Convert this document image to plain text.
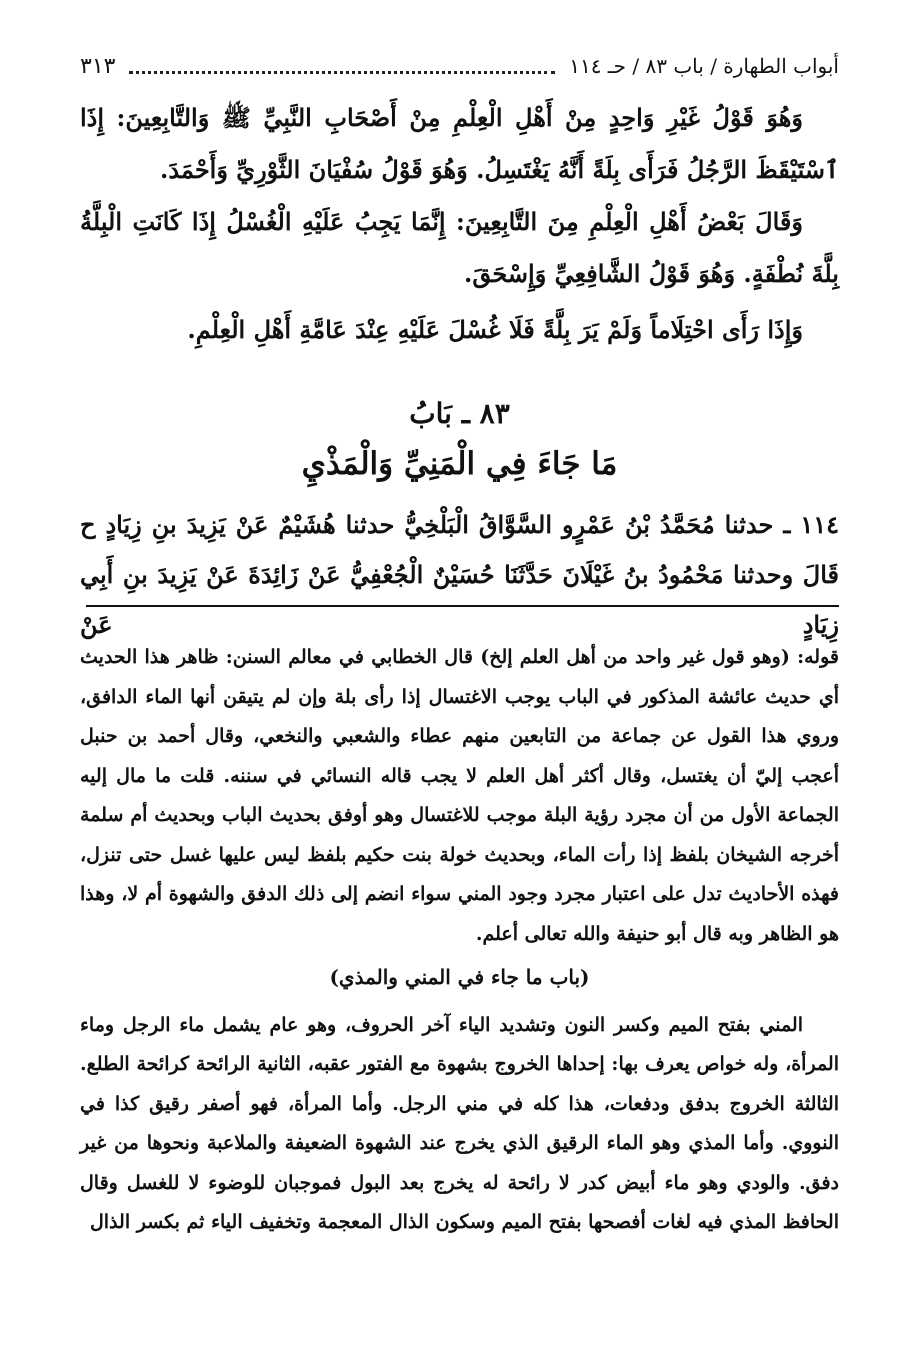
أبواب الطهارة / باب ٨٣ / حـ ١١٤
٣١٣

وَهُوَ قَوْلُ غَيْرِ وَاحِدٍ مِنْ أَهْلِ الْعِلْمِ مِنْ أَصْحَابِ النَّبِيِّ ﷺ وَالتَّابِعِينَ: إِذَا ٱسْتَيْقَظَ الرَّجُلُ فَرَأَى بِلَةً أَنَّهُ يَغْتَسِلُ. وَهُوَ قَوْلُ سُفْيَانَ الثَّوْرِيِّ وَأَحْمَدَ.

وَقَالَ بَعْضُ أَهْلِ الْعِلْمِ مِنَ التَّابِعِينَ: إِنَّمَا يَجِبُ عَلَيْهِ الْغُسْلُ إِذَا كَانَتِ الْبِلَّةُ بِلَّةَ نُطْفَةٍ. وَهُوَ قَوْلُ الشَّافِعِيِّ وَإِسْحَقَ.

وَإِذَا رَأَى احْتِلَاماً وَلَمْ يَرَ بِلَّةً فَلَا غُسْلَ عَلَيْهِ عِنْدَ عَامَّةِ أَهْلِ الْعِلْمِ.

٨٣ ـ بَابُ
مَا جَاءَ فِي الْمَنِيِّ وَالْمَذْيِ

١١٤ ـ حدثنا مُحَمَّدُ بْنُ عَمْرٍو السَّوَّاقُ الْبَلْخِيُّ حدثنا هُشَيْمٌ عَنْ يَزِيدَ بنِ زِيَادٍ ح

قَالَ وحدثنا مَحْمُودُ بنُ غَيْلَانَ حَدَّثَنَا حُسَيْنٌ الْجُعْفِيُّ عَنْ زَائِدَةَ عَنْ يَزِيدَ بنِ أَبِي زِيَادٍ عَنْ

قوله: (وهو قول غير واحد من أهل العلم إلخ) قال الخطابي في معالم السنن: ظاهر هذا الحديث أي حديث عائشة المذكور في الباب يوجب الاغتسال إذا رأى بلة وإن لم يتيقن أنها الماء الدافق، وروي هذا القول عن جماعة من التابعين منهم عطاء والشعبي والنخعي، وقال أحمد بن حنبل أعجب إليّ أن يغتسل، وقال أكثر أهل العلم لا يجب قاله النسائي في سننه. قلت ما مال إليه الجماعة الأول من أن مجرد رؤية البلة موجب للاغتسال وهو أوفق بحديث الباب وبحديث أم سلمة أخرجه الشيخان بلفظ إذا رأت الماء، وبحديث خولة بنت حكيم بلفظ ليس عليها غسل حتى تنزل، فهذه الأحاديث تدل على اعتبار مجرد وجود المني سواء انضم إلى ذلك الدفق والشهوة أم لا، وهذا هو الظاهر وبه قال أبو حنيفة والله تعالى أعلم.

(باب ما جاء في المني والمذي)

المني بفتح الميم وكسر النون وتشديد الياء آخر الحروف، وهو عام يشمل ماء الرجل وماء المرأة، وله خواص يعرف بها: إحداها الخروج بشهوة مع الفتور عقبه، الثانية الرائحة كرائحة الطلع. الثالثة الخروج بدفق ودفعات، هذا كله في مني الرجل. وأما المرأة، فهو أصفر رقيق كذا في النووي. وأما المذي وهو الماء الرقيق الذي يخرج عند الشهوة الضعيفة والملاعبة ونحوها من غير دفق. والودي وهو ماء أبيض كدر لا رائحة له يخرج بعد البول فموجبان للوضوء لا للغسل وقال الحافظ المذي فيه لغات أفصحها بفتح الميم وسكون الذال المعجمة وتخفيف الياء ثم بكسر الذال
